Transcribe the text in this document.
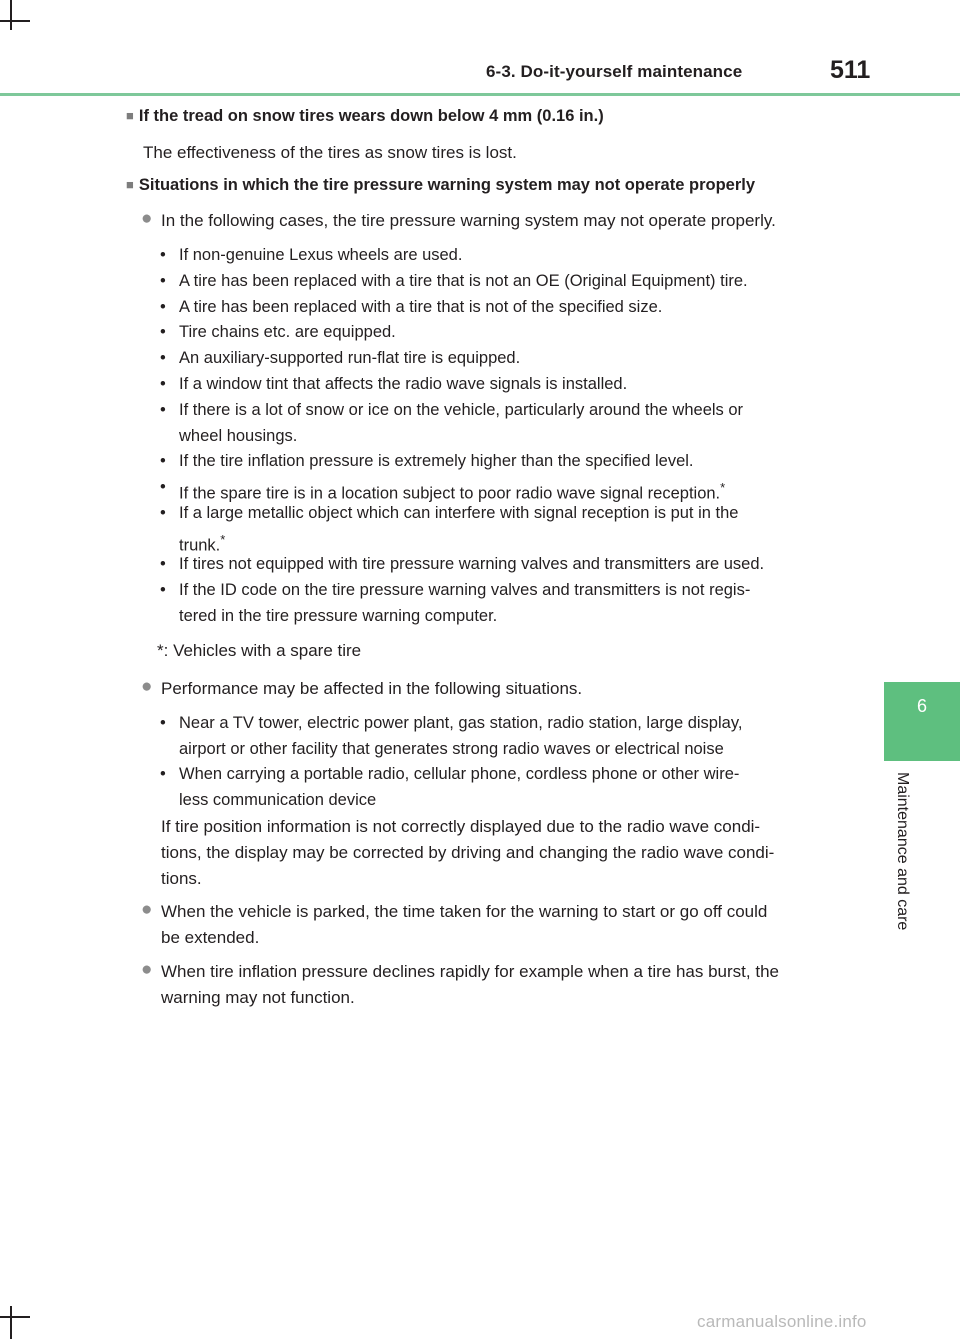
6-3. Do-it-yourself maintenance	511
6
Maintenance and care
■ If the tread on snow tires wears down below 4 mm (0.16 in.)
The effectiveness of the tires as snow tires is lost.
■ Situations in which the tire pressure warning system may not operate properly
● In the following cases, the tire pressure warning system may not operate properly.
• If non-genuine Lexus wheels are used.
• A tire has been replaced with a tire that is not an OE (Original Equipment) tire.
• A tire has been replaced with a tire that is not of the specified size.
• Tire chains etc. are equipped.
• An auxiliary-supported run-flat tire is equipped.
• If a window tint that affects the radio wave signals is installed.
• If there is a lot of snow or ice on the vehicle, particularly around the wheels or
wheel housings.
• If the tire inflation pressure is extremely higher than the specified level.
• If the spare tire is in a location subject to poor radio wave signal reception.*
• If a large metallic object which can interfere with signal reception is put in the
trunk.*
• If tires not equipped with tire pressure warning valves and transmitters are used.
• If the ID code on the tire pressure warning valves and transmitters is not regis-
tered in the tire pressure warning computer.
*: Vehicles with a spare tire
● Performance may be affected in the following situations.
• Near a TV tower, electric power plant, gas station, radio station, large display,
airport or other facility that generates strong radio waves or electrical noise
• When carrying a portable radio, cellular phone, cordless phone or other wire-
less communication device
If tire position information is not correctly displayed due to the radio wave condi-
tions, the display may be corrected by driving and changing the radio wave condi-
tions.
● When the vehicle is parked, the time taken for the warning to start or go off could
be extended.
● When tire inflation pressure declines rapidly for example when a tire has burst, the
warning may not function.
carmanualsonline.info
